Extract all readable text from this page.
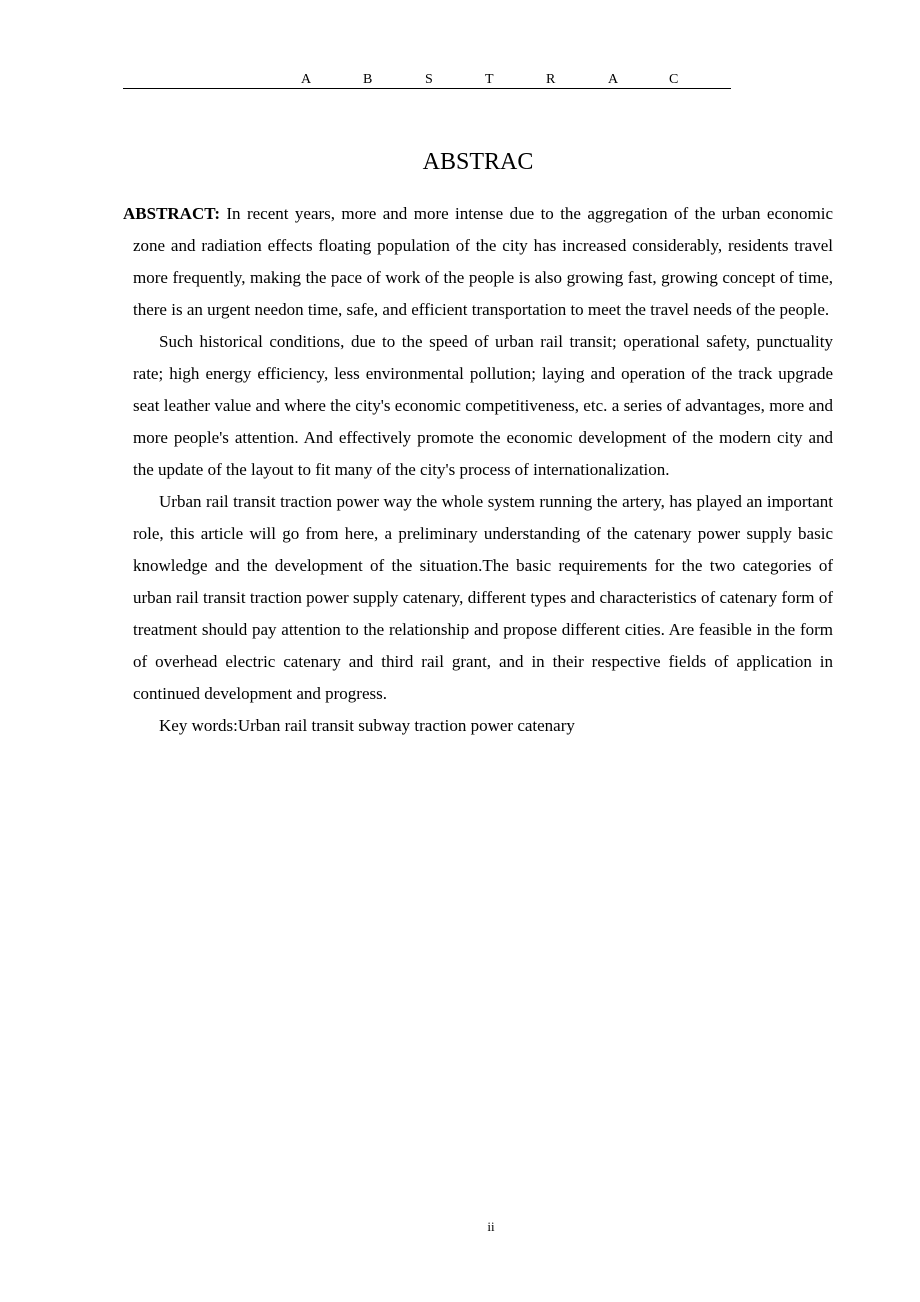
A	B	S	T	R	A	C
ABSTRAC

ABSTRACT: In recent years, more and more intense due to the aggregation of the urban economic zone and radiation effects floating population of the city has increased considerably, residents travel more frequently, making the pace of work of the people is also growing fast, growing concept of time, there is an urgent needon time, safe, and efficient transportation to meet the travel needs of the people.

Such historical conditions, due to the speed of urban rail transit; operational safety, punctuality rate; high energy efficiency, less environmental pollution; laying and operation of the track upgrade seat leather value and where the city's economic competitiveness, etc. a series of advantages, more and more people's attention. And effectively promote the economic development of the modern city and the update of the layout to fit many of the city's process of internationalization.

Urban rail transit traction power way the whole system running the artery, has played an important role, this article will go from here, a preliminary understanding of the catenary power supply basic knowledge and the development of the situation.The basic requirements for the two categories of urban rail transit traction power supply catenary, different types and characteristics of catenary form of treatment should pay attention to the relationship and propose different cities. Are feasible in the form of overhead electric catenary and third rail grant, and in their respective fields of application in continued development and progress.

Key words:Urban rail transit subway traction power catenary

ii
